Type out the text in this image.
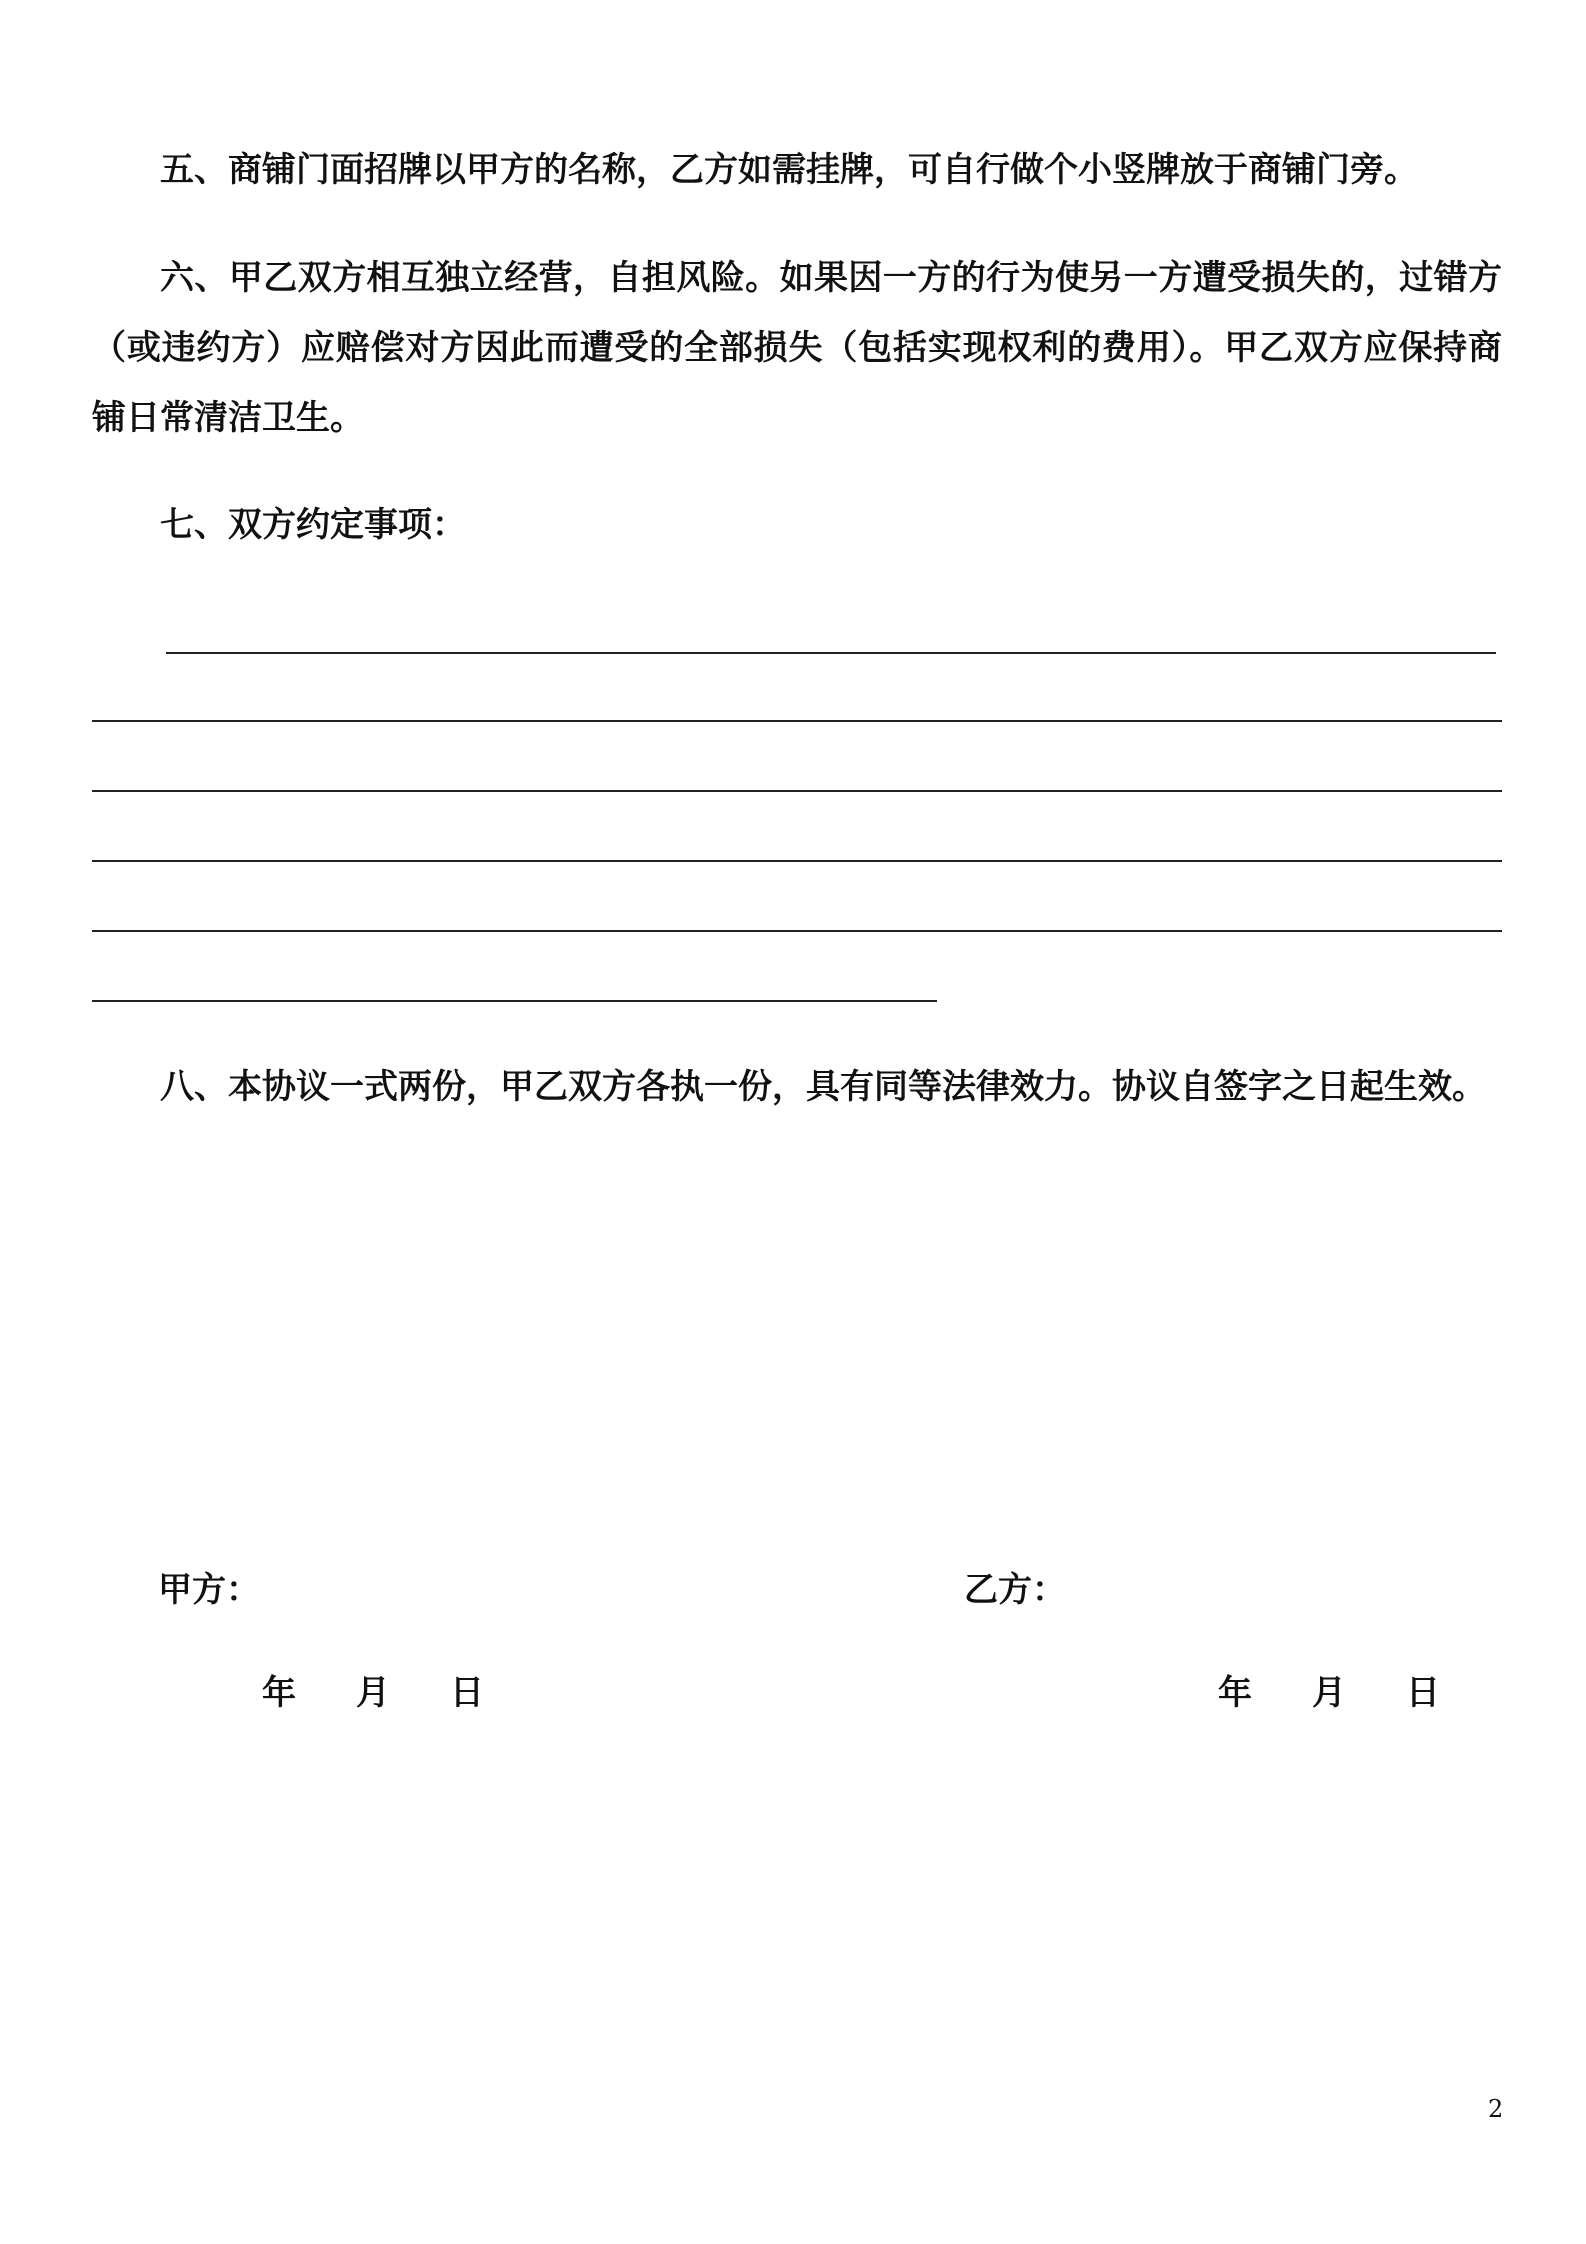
五、商铺门面招牌以甲方的名称，乙方如需挂牌，可自行做个小竖牌放于商铺门旁。

六、甲乙双方相互独立经营，自担风险。如果因一方的行为使另一方遭受损失的，过错方（或违约方）应赔偿对方因此而遭受的全部损失（包括实现权利的费用）。甲乙双方应保持商铺日常清洁卫生。

七、双方约定事项：

八、本协议一式两份，甲乙双方各执一份，具有同等法律效力。协议自签字之日起生效。

甲方：	乙方：
年 月 日	年 月 日
2
